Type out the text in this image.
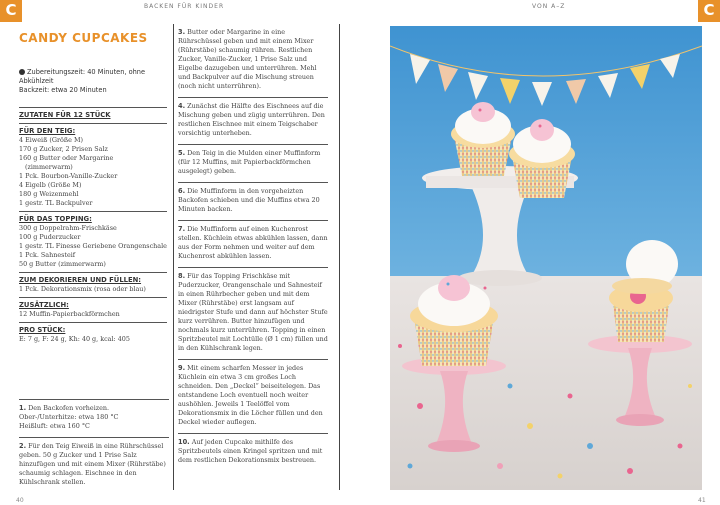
C	BACKEN FÜR KINDER
40
CANDY CUPCAKES
Zubereitungszeit: 40 Minuten, ohne Abkühlzeit
Backzeit: etwa 20 Minuten
ZUTATEN FÜR 12 STÜCK
FÜR DEN TEIG:
4 Eiweiß (Größe M)
170 g Zucker, 2 Prisen Salz
160 g Butter oder Margarine
(zimmerwarm)
1 Pck. Bourbon-Vanille-Zucker
4 Eigelb (Größe M)
180 g Weizenmehl
1 gestr. TL Backpulver
FÜR DAS TOPPING:
300 g Doppelrahm-Frischkäse
100 g Puderzucker
1 gestr. TL Finesse Geriebene Orangenschale
1 Pck. Sahnesteif
50 g Butter (zimmerwarm)
ZUM DEKORIEREN UND FÜLLEN:
1 Pck. Dekorationsmix (rosa oder blau)
ZUSÄTZLICH:
12 Muffin-Papierbackförmchen
PRO STÜCK:
E: 7 g, F: 24 g, Kh: 40 g, kcal: 405
1. Den Backofen vorheizen.
Ober-/Unterhitze: etwa 180 °C
Heißluft: etwa 160 °C
2. Für den Teig Eiweiß in eine Rührschüssel geben. 50 g Zucker und 1 Prise Salz hinzufügen und mit einem Mixer (Rührstäbe) schaumig schlagen. Eischnee in den Kühlschrank stellen.
3. Butter oder Margarine in eine Rührschüssel geben und mit einem Mixer (Rührstäbe) schaumig rühren. Restlichen Zucker, Vanille-Zucker, 1 Prise Salz und Eigelbe dazugeben und unterrühren. Mehl und Backpulver auf die Mischung streuen (noch nicht unterrühren).
4. Zunächst die Hälfte des Eischnees auf die Mischung geben und zügig unterrühren. Den restlichen Eischnee mit einem Teigschaber vorsichtig unterheben.
5. Den Teig in die Mulden einer Muffinform (für 12 Muffins, mit Papierbackförmchen ausgelegt) geben.
6. Die Muffinform in den vorgeheizten Backofen schieben und die Muffins etwa 20 Minuten backen.
7. Die Muffinform auf einen Kuchenrost stellen. Küchlein etwas abkühlen lassen, dann aus der Form nehmen und weiter auf dem Kuchenrost abkühlen lassen.
8. Für das Topping Frischkäse mit Puderzucker, Orangenschale und Sahnesteif in einen Rührbecher geben und mit dem Mixer (Rührstäbe) erst langsam auf niedrigster Stufe und dann auf höchster Stufe kurz verrühren. Butter hinzufügen und nochmals kurz unterrühren. Topping in einen Spritzbeutel mit Lochtülle (Ø 1 cm) füllen und in den Kühlschrank legen.
9. Mit einem scharfen Messer in jedes Küchlein ein etwa 3 cm großes Loch schneiden. Den „Deckel“ beiseitelegen. Das entstandene Loch eventuell noch weiter aushöhlen. Jeweils 1 Teelöffel vom Dekorationsmix in die Löcher füllen und den Deckel wieder auflegen.
10. Auf jeden Cupcake mithilfe des Spritzbeutels einen Kringel spritzen und mit dem restlichen Dekorationsmix bestreuen.
C
VON A–Z
41
